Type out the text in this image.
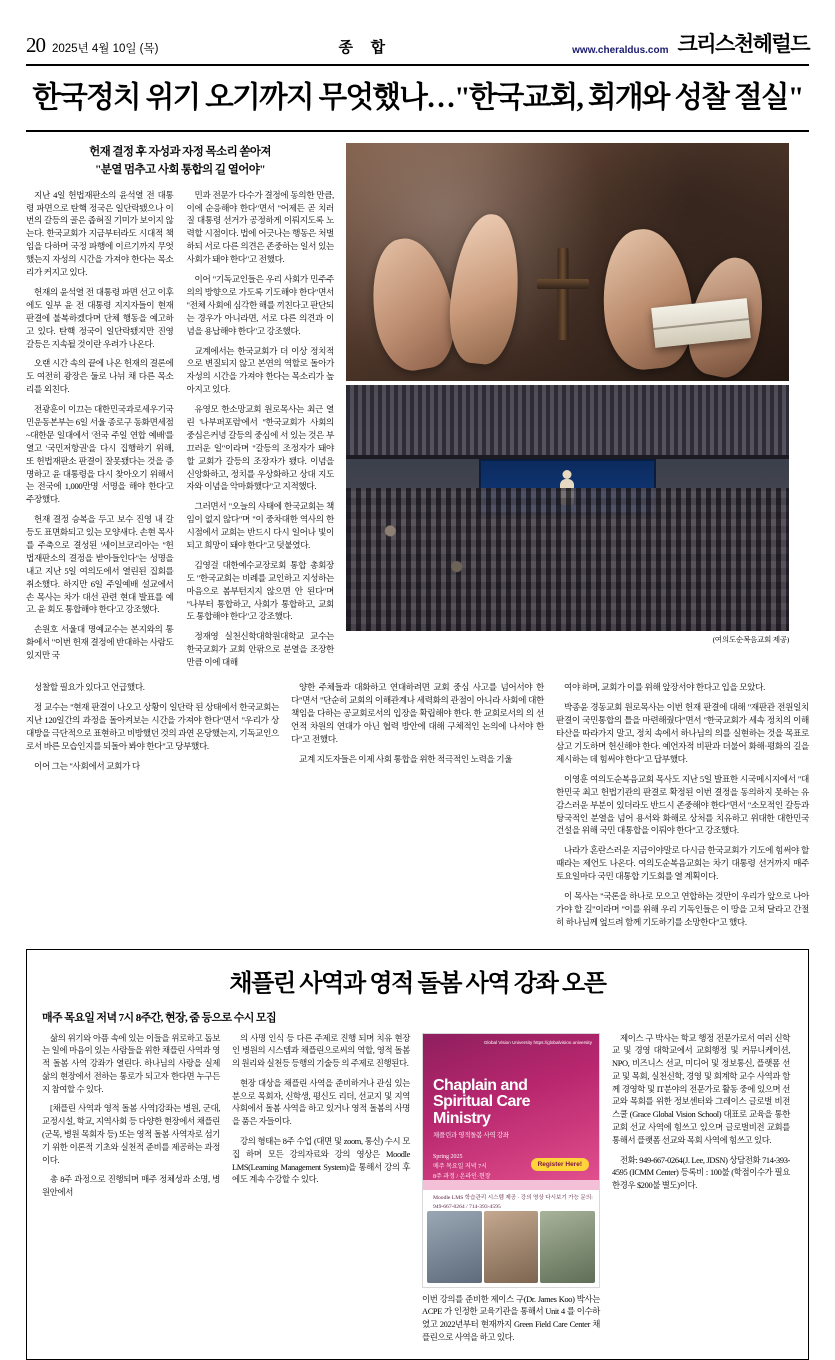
20 2025년 4월 10일 (목)	종 합	www.cheraldus.com 크리스천헤럴드
한국정치 위기 오기까지 무엇했나…"한국교회, 회개와 성찰 절실"
헌재 결정 후 자성과 자정 목소리 쏟아져
"분열 멈추고 사회 통합의 길 열어야"

지난 4일 헌법재판소의 윤석열 전 대통령 파면으로 탄핵 정국은 일단락됐으나 이번의 갈등의 골은 좁혀질 기미가 보이지 않는다. 한국교회가 지금부터라도 시대적 책임을 다하며 국정 파행에 이르기까지 무엇했는지 자성의 시간을 가져야 한다는 목소리가 커지고 있다.

헌재의 윤석열 전 대통령 파면 선고 이후에도 일부 윤 전 대통령 지지자들이 현재 판결에 불복하겠다며 단체 행동을 예고하고 있다. 탄핵 정국이 일단락됐지만 진영 갈등은 지속될 것이란 우려가 나온다.

오랜 시간 속의 끝에 나온 헌재의 결론에도 여전히 광장은 둘로 나뉘 채 다른 목소리를 외친다.

전광훈이 이끄는 대한민국과로세우기국민운동본부는 6일 서울 종로구 동화면세점~대한문 일대에서 '전국 주일 연합 예배'를 열고 '국민저항권'을 다시 집행하기 위해, 또 헌법재판소 판결이 잘못됐다는 것을 증명하고 윤 대통령을 다시 찾아오기 위해서는 전국에 1,000만명 서명을 해야 한다'고 주장했다.

헌재 결정 승복을 두고 보수 진영 내 갈등도 표면화되고 있는 모양새다. 손현 목사를 주축으로 결성된 '세이브코리아'는 "헌법재판소의 결정을 받아들인다"는 성명을 내고 지난 5일 여의도에서 열린된 집회를 취소했다. 하지만 6일 주일예배 설교에서 손 목사는 차가 대선 관련 현대 발표를 예고. 윤 회도 통합해야 한다'고 강조했다.

손원호 서울대 명예교수는 본지와의 통화에서 "이번 헌재 결정에 반대하는 사람도 있지만 국

민과 전문가 다수가 결정에 동의한 만큼, 이에 순응해야 한다"면서 "어제든 곧 치러질 대통령 선거가 공정하게 이뤄지도록 노력할 시점이다. 법에 어긋나는 행동은 처벌하되 서로 다른 의견은 존중하는 일서 있는 사회가 돼야 한다"고 전했다.

이어 "기독교인들은 우리 사회가 민주주의의 방향으로 가도록 기도해야 한다"면서 "전체 사회에 심각한 해를 끼친다고 판단되는 경우가 아니라면, 서로 다른 의견과 이념을 용납해야 한다"고 강조했다.

교계에서는 한국교회가 더 이상 정치적으로 변질되지 않고 본연의 역할로 돌아가 자성의 시간을 가져야 한다는 목소리가 높아지고 있다.

유영모 한소망교회 원로목사는 최근 열린 '나부퍼포럼'에서 "한국교회가 사회의 중심은커녕 갈등의 중심에 서 있는 것은 부끄러운 일"이라며 "갈등의 조정자가 돼야 할 교회가 갈등의 조장자가 됐다. 이념을 신앙화하고, 정치를 우상화하고 상대 지도자와 이념을 악마화했다"고 지적했다.

그러면서 "오늘의 사태에 한국교회는 책임이 없지 않다"며 "이 중차대한 역사의 한 시점에서 교회는 반드시 다시 일어나 빛이 되고 희망이 돼야 한다"고 덧붙였다.

김영걸 대한예수교장로회 통합 총회장도 "한국교회는 비례를 교인하고 지성하는 마음으로 봄부턴지지 않으면 안 된다"며 "나부터 통합하고, 사회가 통합하고, 교회도 통합해야 한다"고 강조했다.

정재영 실천신학대학원대학교 교수는 한국교회가 교회 안팎으로 분열을 조장한 만큼 이에 대해

(여의도순복음교회 제공)

성찰할 필요가 있다고 언급했다.

정 교수는 "현재 판결이 나오고 상황이 일단락 된 상태에서 한국교회는 지난 120일간의 과정을 돌아켜보는 시간을 가져야 한다"면서 "우리가 상대방을 극단적으로 표현하고 비방했던 것의 과연 온당했는지, 기독교인으로서 바른 모습인지를 되돌아 봐야 한다"고 당부했다.

이어 그는 "사회에서 교회가 다

양한 주체들과 대화하고 연대하려면 교회 중심 사고를 넘어서야 한다"면서 "단순히 교회의 이해관계나 세력화의 관점이 아니라 사회에 대한 책임을 다하는 공교회로서의 입장을 확립해야 한다. 한 교회로서의 의 선언적 차원의 연대가 아닌 협력 방안에 대해 구체적인 논의에 나서야 한다"고 전했다.

교계 지도자들은 이제 사회 통합을 위한 적극적인 노력을 기울

여야 하며, 교회가 이를 위해 앞장서야 한다고 입을 모았다.

박종윤 경동교회 원로목사는 이번 헌재 판결에 대해 "재판관 전원일치 판결이 국민통합의 틀을 마련해줬다"면서 "한국교회가 세속 정치의 이해타산을 따라가지 말고, 정치 속에서 하나님의 의를 실현하는 것을 목표로 삼고 기도하며 헌신해야 한다. 예언자적 비판과 더불어 화해·평화의 길을 제시하는 데 힘써야 한다"고 답부했다.

이영훈 여의도순복음교회 목사도 지난 5일 발표한 시국메시지에서 "대한민국 최고 헌법기관의 판결로 확정된 이번 결정을 동의하지 못하는 유감스러운 부분이 있더라도 반드시 존중해야 한다"면서 "소모적인 갈등과 탕국적인 분열을 넘어 용서와 화해로 상처를 치유하고 위대한 대한민국 건설을 위해 국민 대통합을 이뤄야 한다"고 강조했다.

나라가 혼란스러운 지금이야말로 다시금 한국교회가 기도에 힘써야 할 때라는 제언도 나온다. 여의도순복음교회는 차기 대통령 선거까지 매주 토요일마다 국민 대통합 기도회를 열 계획이다.

이 목사는 "국론을 하나로 모으고 연합하는 것만이 우리가 앞으로 나아가야 할 길"이라며 "이를 위해 우리 기독인들은 이 땅을 고쳐 달라고 간절히 하나님께 엎드려 함께 기도하기를 소망한다"고 했다.

채플린 사역과 영적 돌봄 사역 강좌 오픈
매주 목요일 저녁 7시 8주간, 현장, 줌 등으로 수시 모집

삶의 위기와 아픔 속에 있는 이들을 위로하고 돕보는 일에 마음이 있는 사람들을 위한 채플린 사역과 영적 돌봄 사역 강좌가 열린다. 하나님의 사랑을 실제 삶의 현장에서 전하는 통로가 되고자 한다면 누구든지 참여할 수 있다.

[채플린 사역과 영적 돌봄 사역]강좌는 병원, 군대, 교정시설, 학교, 지역사회 등 다양한 현장에서 채플린(군목, 병원 목회자 등) 또는 영적 돌봄 사역자로 섬기기 위한 이론적 기초와 실천적 준비를 제공하는 과정이다.

총 8주 과정으로 진행되며 매주 정체성과 소명, 병원안에서

의 사명 인식 등 다른 주제로 진행 되며 치유 현장인 병원의 시스템과 채플린으로써의 역할, 영적 돌봄의 원리와 실천등 등행의 기술등 의 주제로 진행된다.

현장 대상을 채플린 사역을 준비하거나 관심 있는 분으로 목회자, 신학생, 평신도 리더, 선교지 및 지역사회에서 돌봄 사역을 하고 있거나 영적 돌봄의 사명을 품은 자들이다.

강의 형태는 8주 수업 (대면 및 zoom, 통신) 수시 모집 하며 모든 강의자료와 강의 영상은 Moodle LMS(Learning Management System)을 통해서 강의 후 에도 계속 수강할 수 있다.

Global Vision University https://globalvision.university
Chaplain and
Spiritual Care
Ministry
채플린과 영적돌봄 사역 강좌
Spring 2025
매주 목요일 저녁 7시
8주 과정 / 온라인·현장
Register Here!
Moodle LMS 학습관리 시스템 제공 · 강의 영상 다시보기 가능 문의: 949-667-0264 / 714-393-4595
이번 강의를 준비한 제이스 구(Dr. James Koo) 박사는 ACPE 가 인정한 교육기관을 통해서 Unit 4 를 이수하였고 2022년부터 현재까지 Green Field Care Center 채플린으로 사역을 하고 있다.

제이스 구 박사는 학교 행정 전문가로서 여러 신학교 및 경영 대학교에서 교회행정 및 커뮤니케이션, NPO, 비즈니스 선교, 미디어 및 정보통신, 플랫폼 선교 및 목회, 실천신학, 경영 및 회계학 교수 사역과 함께 경영학 및 IT분야의 전문가로 활동 중에 있으며 선교와 목회를 위한 정보센터와 그레이스 글로벌 비전스쿨 (Grace Global Vision School) 대표로 교육을 통한 교회 선교 사역에 힘쓰고 있으며 글로벌비전 교회를 통해서 플랫폼 선교와 목회 사역에 힘쓰고 있다.

전화: 949-667-0264(J. Lee, JDSN) 상담전화 714-393-4595 (ICMM Center) 등록비 : 100불 (학점이수가 필요한경우 $200불 별도)이다.
